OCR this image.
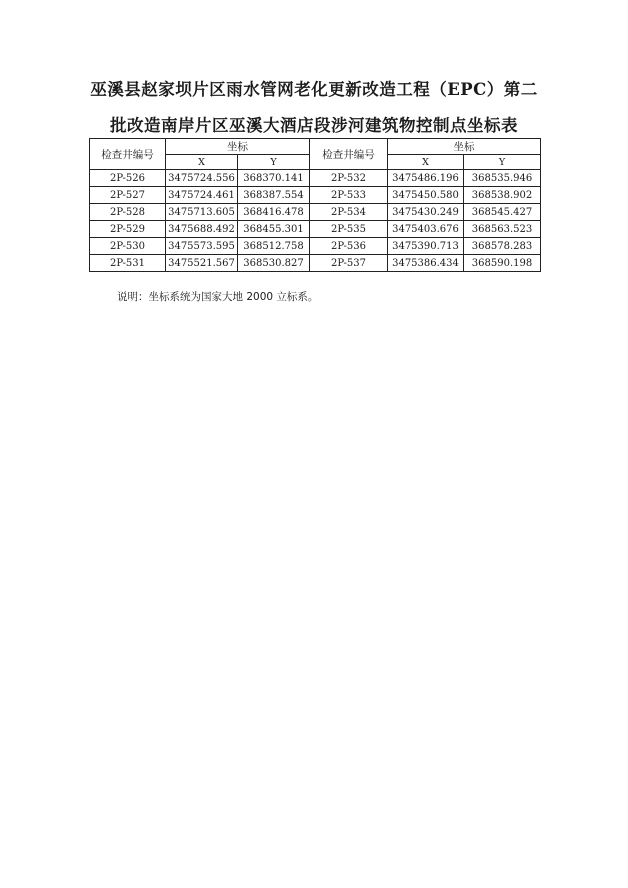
巫溪县赵家坝片区雨水管网老化更新改造工程（EPC）第二
批改造南岸片区巫溪大酒店段涉河建筑物控制点坐标表
检查井编号	坐标		检查井编号	坐标	
	X	Y		X	Y
2P-526	3475724.556	368370.141	2P-532	3475486.196	368535.946
2P-527	3475724.461	368387.554	2P-533	3475450.580	368538.902
2P-528	3475713.605	368416.478	2P-534	3475430.249	368545.427
2P-529	3475688.492	368455.301	2P-535	3475403.676	368563.523
2P-530	3475573.595	368512.758	2P-536	3475390.713	368578.283
2P-531	3475521.567	368530.827	2P-537	3475386.434	368590.198
说明：坐标系统为国家大地 2000 立标系。
